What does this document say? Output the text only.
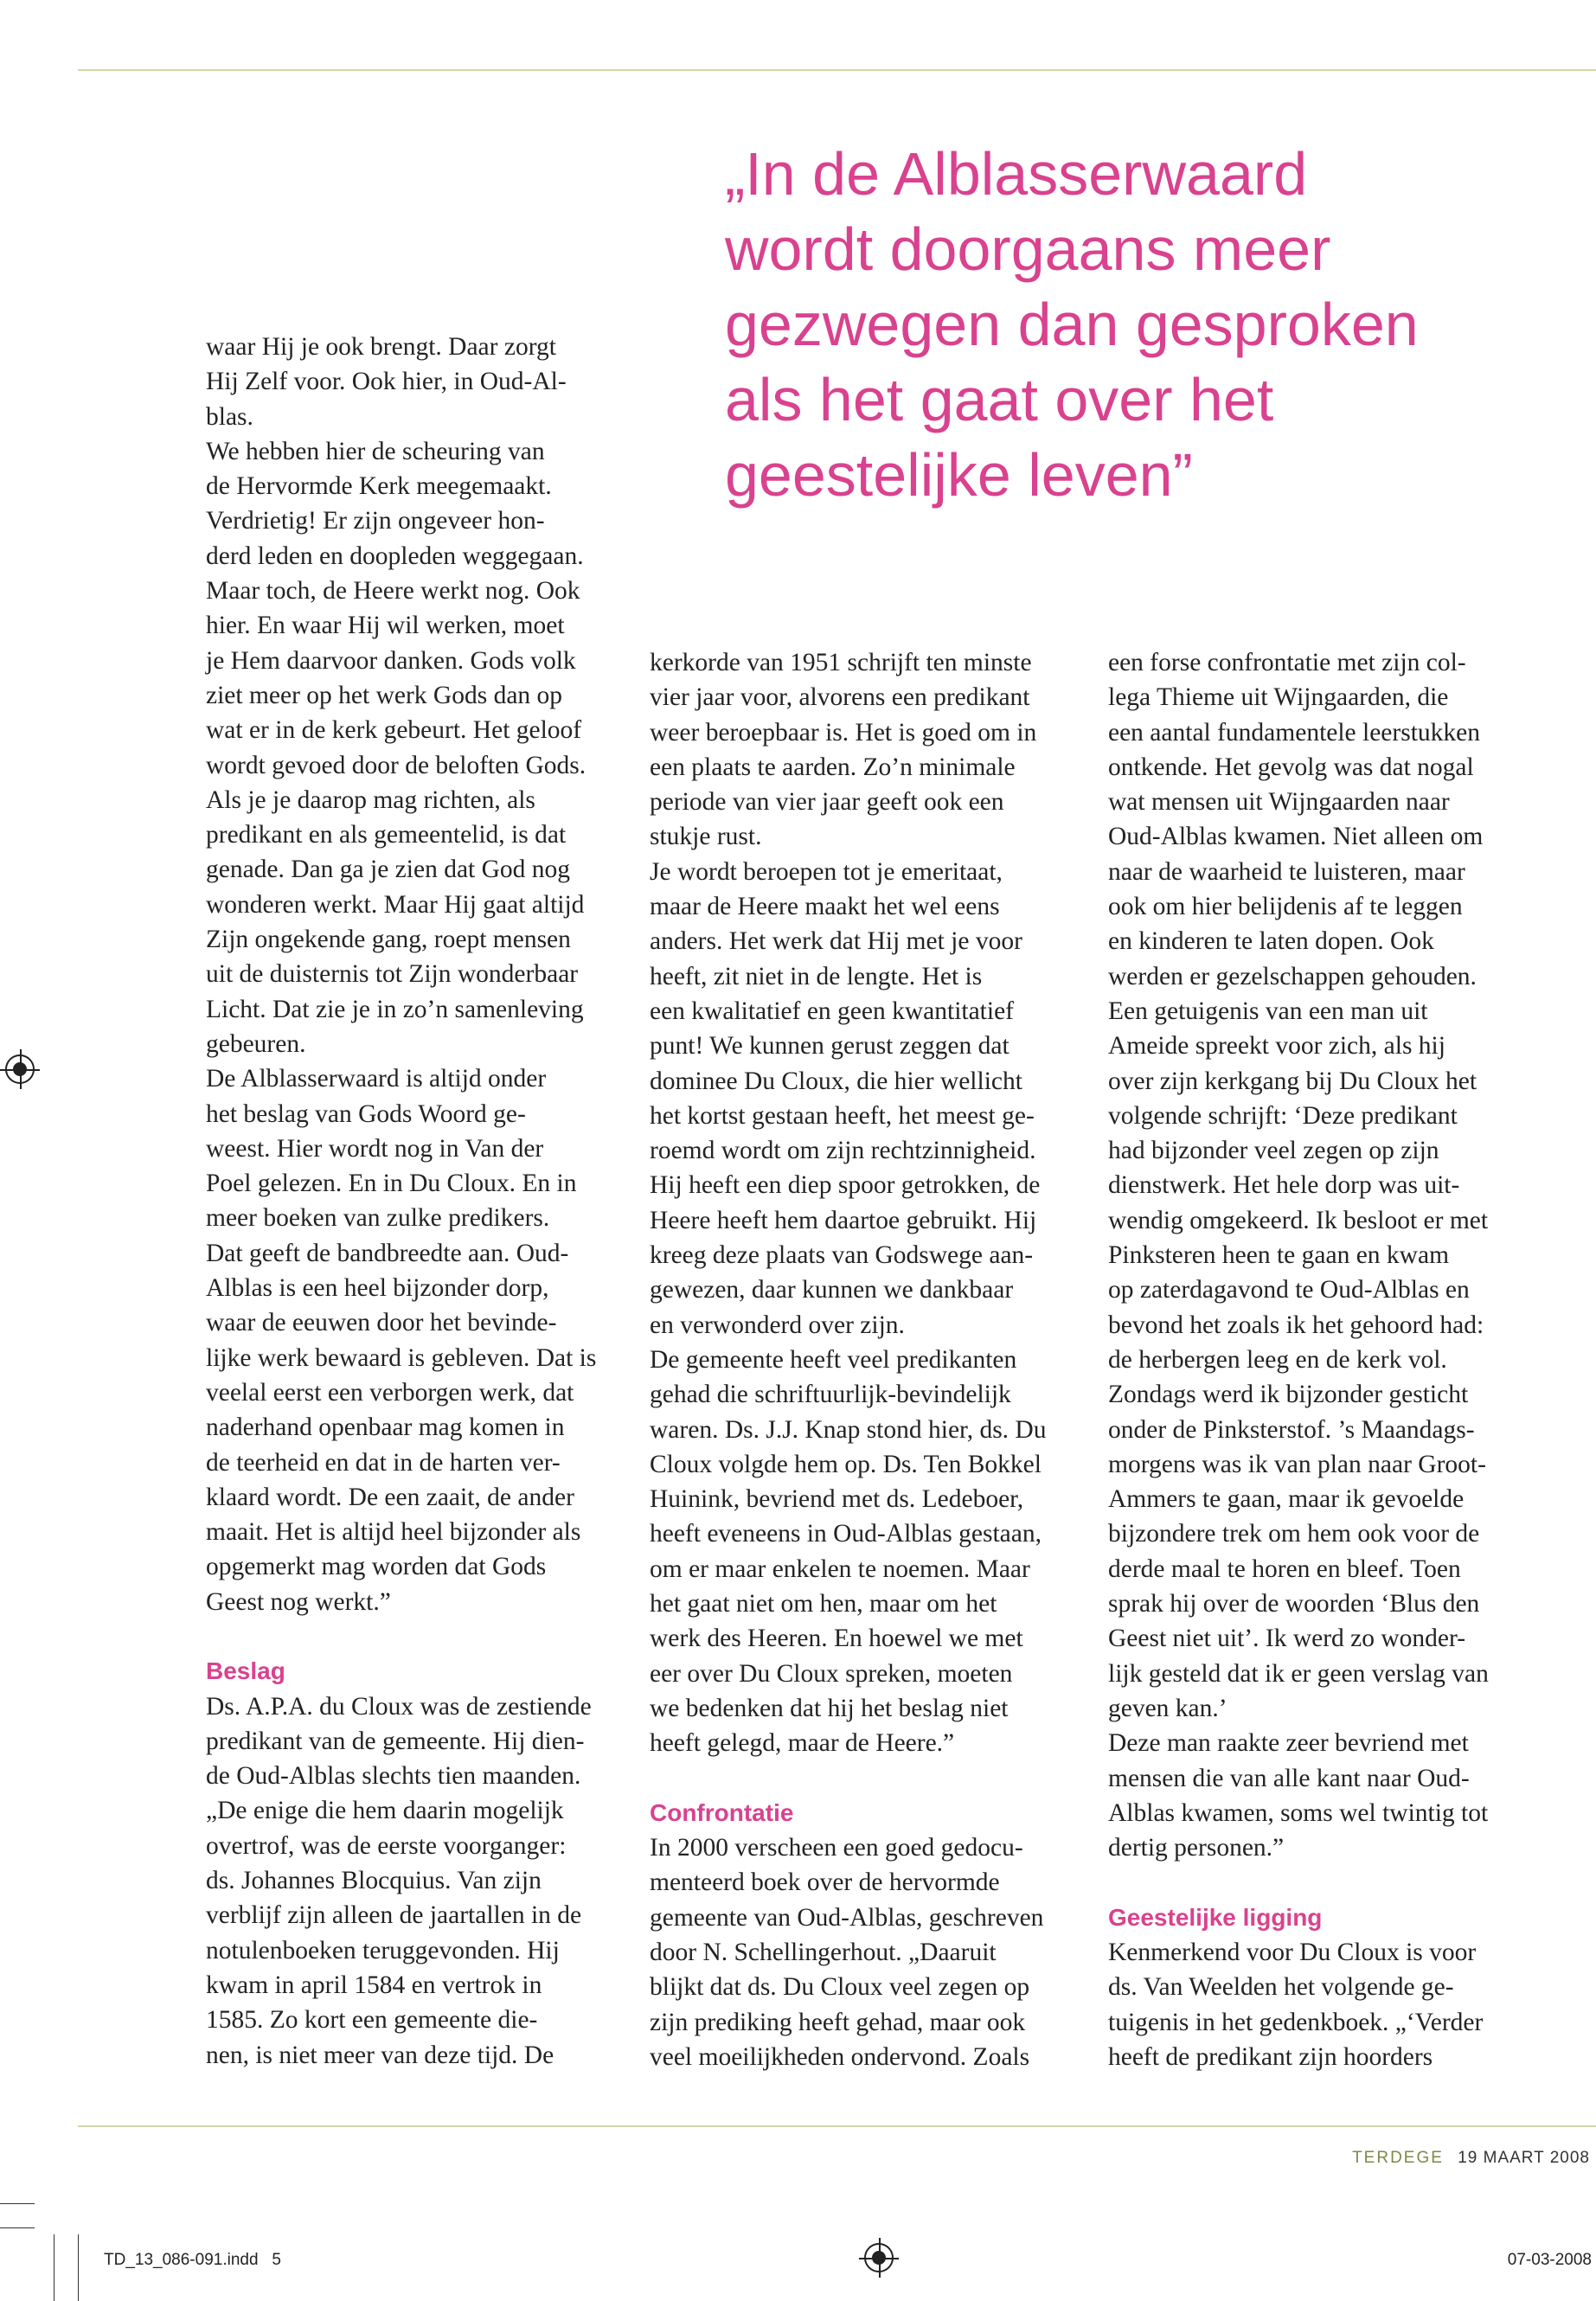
„In de Alblasserwaard
wordt doorgaans meer
gezwegen dan gesproken
als het gaat over het
geestelijke leven”
waar Hij je ook brengt. Daar zorgt
Hij Zelf voor. Ook hier, in Oud-Al-
blas.
We hebben hier de scheuring van
de Hervormde Kerk meegemaakt.
Verdrietig! Er zijn ongeveer hon-
derd leden en doopleden weggegaan.
Maar toch, de Heere werkt nog. Ook
hier. En waar Hij wil werken, moet
je Hem daarvoor danken. Gods volk
ziet meer op het werk Gods dan op
wat er in de kerk gebeurt. Het geloof
wordt gevoed door de beloften Gods.
Als je je daarop mag richten, als
predikant en als gemeentelid, is dat
genade. Dan ga je zien dat God nog
wonderen werkt. Maar Hij gaat altijd
Zijn ongekende gang, roept mensen
uit de duisternis tot Zijn wonderbaar
Licht. Dat zie je in zo’n samenleving
gebeuren.
De Alblasserwaard is altijd onder
het beslag van Gods Woord ge-
weest. Hier wordt nog in Van der
Poel gelezen. En in Du Cloux. En in
meer boeken van zulke predikers.
Dat geeft de bandbreedte aan. Oud-
Alblas is een heel bijzonder dorp,
waar de eeuwen door het bevinde-
lijke werk bewaard is gebleven. Dat is
veelal eerst een verborgen werk, dat
naderhand openbaar mag komen in
de teerheid en dat in de harten ver-
klaard wordt. De een zaait, de ander
maait. Het is altijd heel bijzonder als
opgemerkt mag worden dat Gods
Geest nog werkt.”
Beslag
Ds. A.P.A. du Cloux was de zestiende
predikant van de gemeente. Hij dien-
de Oud-Alblas slechts tien maanden.
„De enige die hem daarin mogelijk
overtrof, was de eerste voorganger:
ds. Johannes Blocquius. Van zijn
verblijf zijn alleen de jaartallen in de
notulenboeken teruggevonden. Hij
kwam in april 1584 en vertrok in
1585. Zo kort een gemeente die-
nen, is niet meer van deze tijd. De
kerkorde van 1951 schrijft ten minste
vier jaar voor, alvorens een predikant
weer beroepbaar is. Het is goed om in
een plaats te aarden. Zo’n minimale
periode van vier jaar geeft ook een
stukje rust.
Je wordt beroepen tot je emeritaat,
maar de Heere maakt het wel eens
anders. Het werk dat Hij met je voor
heeft, zit niet in de lengte. Het is
een kwalitatief en geen kwantitatief
punt! We kunnen gerust zeggen dat
dominee Du Cloux, die hier wellicht
het kortst gestaan heeft, het meest ge-
roemd wordt om zijn rechtzinnigheid.
Hij heeft een diep spoor getrokken, de
Heere heeft hem daartoe gebruikt. Hij
kreeg deze plaats van Godswege aan-
gewezen, daar kunnen we dankbaar
en verwonderd over zijn.
De gemeente heeft veel predikanten
gehad die schriftuurlijk-bevindelijk
waren. Ds. J.J. Knap stond hier, ds. Du
Cloux volgde hem op. Ds. Ten Bokkel
Huinink, bevriend met ds. Ledeboer,
heeft eveneens in Oud-Alblas gestaan,
om er maar enkelen te noemen. Maar
het gaat niet om hen, maar om het
werk des Heeren. En hoewel we met
eer over Du Cloux spreken, moeten
we bedenken dat hij het beslag niet
heeft gelegd, maar de Heere.”
Confrontatie
In 2000 verscheen een goed gedocu-
menteerd boek over de hervormde
gemeente van Oud-Alblas, geschreven
door N. Schellingerhout. „Daaruit
blijkt dat ds. Du Cloux veel zegen op
zijn prediking heeft gehad, maar ook
veel moeilijkheden ondervond. Zoals
een forse confrontatie met zijn col-
lega Thieme uit Wijngaarden, die
een aantal fundamentele leerstukken
ontkende. Het gevolg was dat nogal
wat mensen uit Wijngaarden naar
Oud-Alblas kwamen. Niet alleen om
naar de waarheid te luisteren, maar
ook om hier belijdenis af te leggen
en kinderen te laten dopen. Ook
werden er gezelschappen gehouden.
Een getuigenis van een man uit
Ameide spreekt voor zich, als hij
over zijn kerkgang bij Du Cloux het
volgende schrijft: ‘Deze predikant
had bijzonder veel zegen op zijn
dienstwerk. Het hele dorp was uit-
wendig omgekeerd. Ik besloot er met
Pinksteren heen te gaan en kwam
op zaterdagavond te Oud-Alblas en
bevond het zoals ik het gehoord had:
de herbergen leeg en de kerk vol.
Zondags werd ik bijzonder gesticht
onder de Pinksterstof. ’s Maandags-
morgens was ik van plan naar Groot-
Ammers te gaan, maar ik gevoelde
bijzondere trek om hem ook voor de
derde maal te horen en bleef. Toen
sprak hij over de woorden ‘Blus den
Geest niet uit’. Ik werd zo wonder-
lijk gesteld dat ik er geen verslag van
geven kan.’
Deze man raakte zeer bevriend met
mensen die van alle kant naar Oud-
Alblas kwamen, soms wel twintig tot
dertig personen.”
Geestelijke ligging
Kenmerkend voor Du Cloux is voor
ds. Van Weelden het volgende ge-
tuigenis in het gedenkboek. „‘Verder
heeft de predikant zijn hoorders
TERDEGE 19 MAART 2008
TD_13_086-091.indd   5	07-03-2008
